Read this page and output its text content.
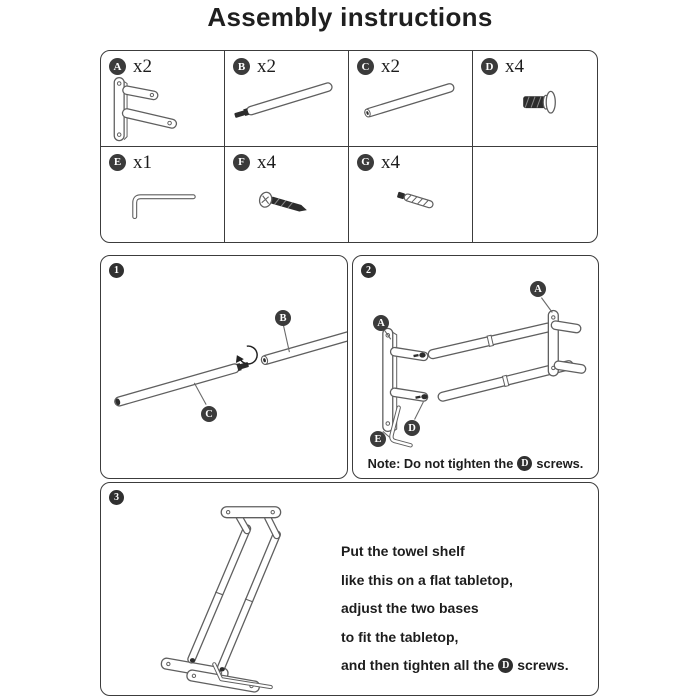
Assembly instructions
A x2	B x2	C x2	D x4
E x1	F x4	G x4
1
B
C
2
A
A
D
E
Note: Do not tighten the D screws.
3
Put the towel shelf
like this on a flat tabletop,
adjust the two bases
to fit the tabletop,
and then tighten all the D screws.
